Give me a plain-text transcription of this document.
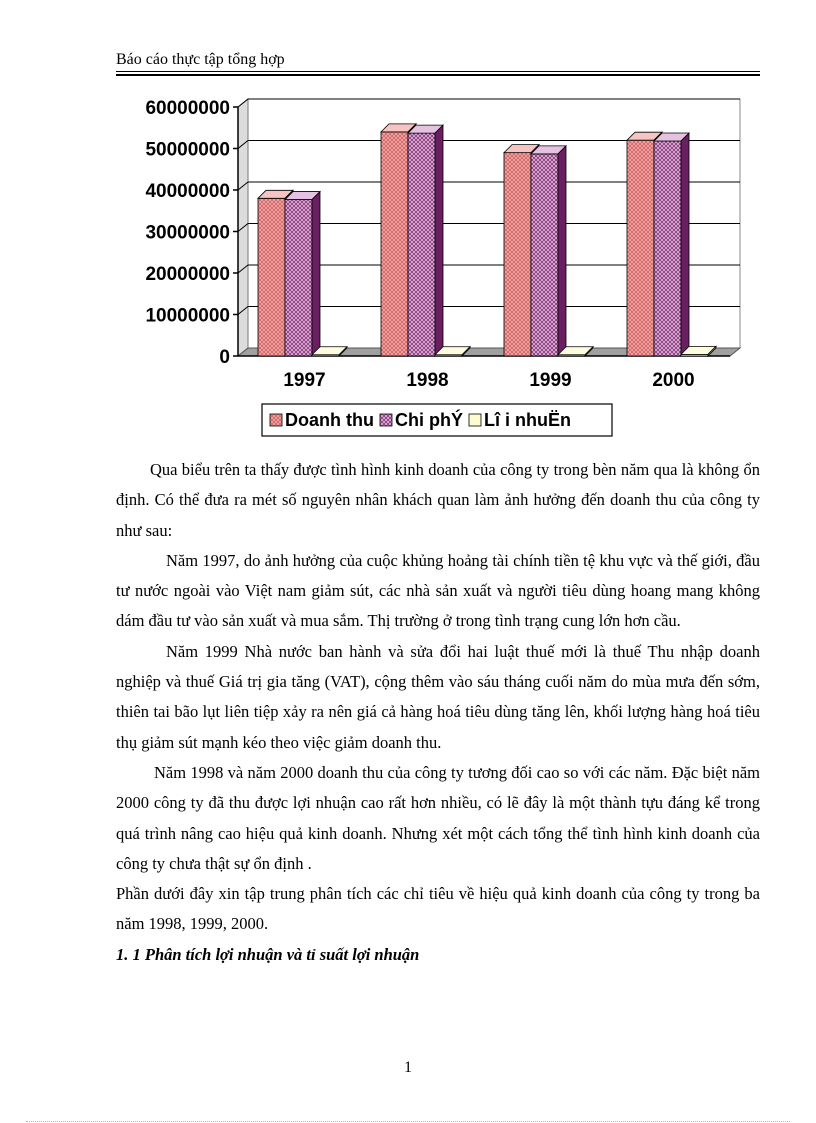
Báo cáo thực tập tổng hợp
60000000
50000000
40000000
30000000
20000000
10000000
0
1997	1998	1999	2000
Doanh thu Chi phÝ Lî i nhuËn

Qua biểu trên ta thấy được tình hình kinh doanh của công ty trong bèn năm qua là không ổn định. Có thể đưa ra mét số nguyên nhân khách quan làm ảnh hưởng đến doanh thu của công ty như sau:

Năm 1997, do ảnh hưởng của cuộc khủng hoảng tài chính tiền tệ khu vực và thế giới, đầu tư nước ngoài vào Việt nam giảm sút, các nhà sản xuất và người tiêu dùng hoang mang không dám đầu tư vào sản xuất và mua sắm. Thị trường ở trong tình trạng cung lớn hơn cầu.

Năm 1999 Nhà nước ban hành và sửa đổi hai luật thuế mới là thuế Thu nhập doanh nghiệp và thuế Giá trị gia tăng (VAT), cộng thêm vào sáu tháng cuối năm do mùa mưa đến sớm, thiên tai bão lụt liên tiệp xảy ra nên giá cả hàng hoá tiêu dùng tăng lên, khối lượng hàng hoá tiêu thụ giảm sút mạnh kéo theo việc giảm doanh thu.

Năm 1998 và năm 2000 doanh thu của công ty tương đối cao so với các năm. Đặc biệt năm 2000 công ty đã thu được lợi nhuận cao rất hơn nhiều, có lẽ đây là một thành tựu đáng kể trong quá trình nâng cao hiệu quả kinh doanh. Nhưng xét một cách tổng thể tình hình kinh doanh của công ty chưa thật sự ổn định .

Phần dưới đây xin tập trung phân tích các chỉ tiêu về hiệu quả kinh doanh của công ty trong ba năm 1998, 1999, 2000.

1. 1 Phân tích lợi nhuận và tỉ suất lợi nhuận

1
